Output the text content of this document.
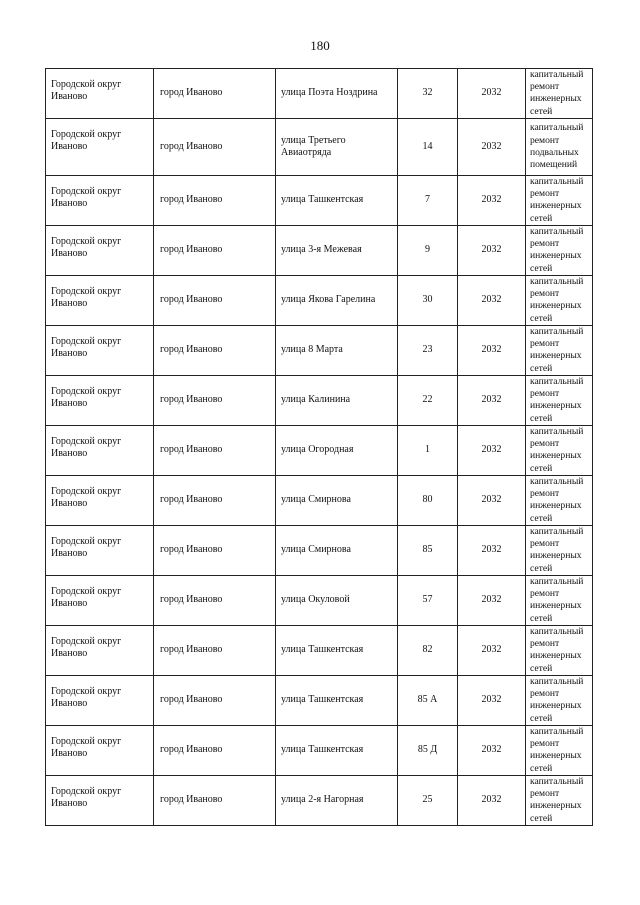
180
Городской округ Иваново	город Иваново	улица Поэта Ноздрина	32	2032	капитальный ремонт инженерных сетей
Городской округ Иваново	город Иваново	улица Третьего Авиаотряда	14	2032	капитальный ремонт подвальных помещений
Городской округ Иваново	город Иваново	улица Ташкентская	7	2032	капитальный ремонт инженерных сетей
Городской округ Иваново	город Иваново	улица 3-я Межевая	9	2032	капитальный ремонт инженерных сетей
Городской округ Иваново	город Иваново	улица Якова Гарелина	30	2032	капитальный ремонт инженерных сетей
Городской округ Иваново	город Иваново	улица 8 Марта	23	2032	капитальный ремонт инженерных сетей
Городской округ Иваново	город Иваново	улица Калинина	22	2032	капитальный ремонт инженерных сетей
Городской округ Иваново	город Иваново	улица Огородная	1	2032	капитальный ремонт инженерных сетей
Городской округ Иваново	город Иваново	улица Смирнова	80	2032	капитальный ремонт инженерных сетей
Городской округ Иваново	город Иваново	улица Смирнова	85	2032	капитальный ремонт инженерных сетей
Городской округ Иваново	город Иваново	улица Окуловой	57	2032	капитальный ремонт инженерных сетей
Городской округ Иваново	город Иваново	улица Ташкентская	82	2032	капитальный ремонт инженерных сетей
Городской округ Иваново	город Иваново	улица Ташкентская	85 А	2032	капитальный ремонт инженерных сетей
Городской округ Иваново	город Иваново	улица Ташкентская	85 Д	2032	капитальный ремонт инженерных сетей
Городской округ Иваново	город Иваново	улица 2-я Нагорная	25	2032	капитальный ремонт инженерных сетей
